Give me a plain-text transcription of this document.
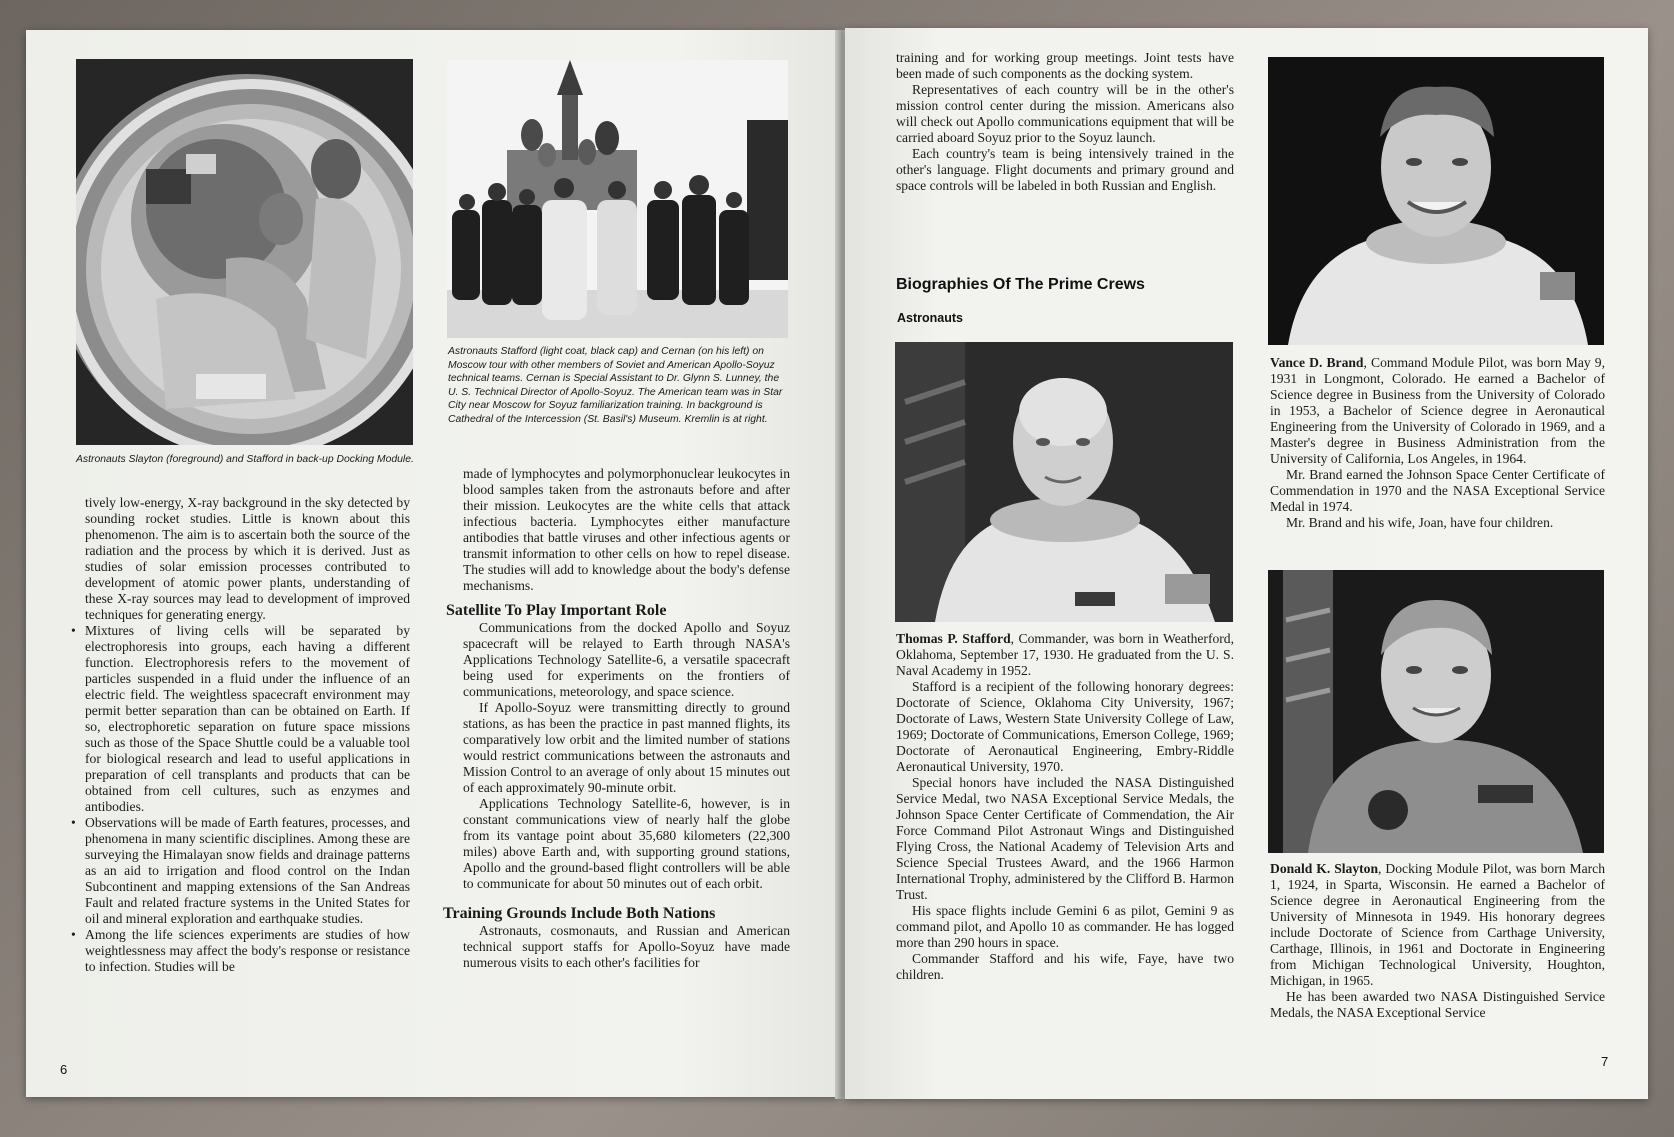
Astronauts Slayton (foreground) and Stafford in back-up Docking Module.

Astronauts Stafford (light coat, black cap) and Cernan (on his left) on Moscow tour with other members of Soviet and American Apollo-Soyuz technical teams. Cernan is Special Assistant to Dr. Glynn S. Lunney, the U. S. Technical Director of Apollo-Soyuz. The American team was in Star City near Moscow for Soyuz familiarization training. In background is Cathedral of the Intercession (St. Basil's) Museum. Kremlin is at right.

tively low-energy, X-ray background in the sky detected by sounding rocket studies. Little is known about this phenomenon. The aim is to ascertain both the source of the radiation and the process by which it is derived. Just as studies of solar emission processes contributed to development of atomic power plants, understanding of these X-ray sources may lead to development of improved techniques for generating energy.

• Mixtures of living cells will be separated by electrophoresis into groups, each having a different function. Electrophoresis refers to the movement of particles suspended in a fluid under the influence of an electric field. The weightless spacecraft environment may permit better separation than can be obtained on Earth. If so, electrophoretic separation on future space missions such as those of the Space Shuttle could be a valuable tool for biological research and lead to useful applications in preparation of cell transplants and products that can be obtained from cell cultures, such as enzymes and antibodies.
• Observations will be made of Earth features, processes, and phenomena in many scientific disciplines. Among these are surveying the Himalayan snow fields and drainage patterns as an aid to irrigation and flood control on the Indan Subcontinent and mapping extensions of the San Andreas Fault and related fracture systems in the United States for oil and mineral exploration and earthquake studies.
• Among the life sciences experiments are studies of how weightlessness may affect the body's response or resistance to infection. Studies will be

made of lymphocytes and polymorphonuclear leukocytes in blood samples taken from the astronauts before and after their mission. Leukocytes are the white cells that attack infectious bacteria. Lymphocytes either manufacture antibodies that battle viruses and other infectious agents or transmit information to other cells on how to repel disease. The studies will add to knowledge about the body's defense mechanisms.

Satellite To Play Important Role

Communications from the docked Apollo and Soyuz spacecraft will be relayed to Earth through NASA's Applications Technology Satellite-6, a versatile spacecraft being used for experiments on the frontiers of communications, meteorology, and space science.

If Apollo-Soyuz were transmitting directly to ground stations, as has been the practice in past manned flights, its comparatively low orbit and the limited number of stations would restrict communications between the astronauts and Mission Control to an average of only about 15 minutes out of each approximately 90-minute orbit.

Applications Technology Satellite-6, however, is in constant communications view of nearly half the globe from its vantage point about 35,680 kilometers (22,300 miles) above Earth and, with supporting ground stations, Apollo and the ground-based flight controllers will be able to communicate for about 50 minutes out of each orbit.

Training Grounds Include Both Nations

Astronauts, cosmonauts, and Russian and American technical support staffs for Apollo-Soyuz have made numerous visits to each other's facilities for

6

training and for working group meetings. Joint tests have been made of such components as the docking system.

Representatives of each country will be in the other's mission control center during the mission. Americans also will check out Apollo communications equipment that will be carried aboard Soyuz prior to the Soyuz launch.

Each country's team is being intensively trained in the other's language. Flight documents and primary ground and space controls will be labeled in both Russian and English.

Biographies Of The Prime Crews
Astronauts

Thomas P. Stafford, Commander, was born in Weatherford, Oklahoma, September 17, 1930. He graduated from the U. S. Naval Academy in 1952.

Stafford is a recipient of the following honorary degrees: Doctorate of Science, Oklahoma City University, 1967; Doctorate of Laws, Western State University College of Law, 1969; Doctorate of Communications, Emerson College, 1969; Doctorate of Aeronautical Engineering, Embry-Riddle Aeronautical University, 1970.

Special honors have included the NASA Distinguished Service Medal, two NASA Exceptional Service Medals, the Johnson Space Center Certificate of Commendation, the Air Force Command Pilot Astronaut Wings and Distinguished Flying Cross, the National Academy of Television Arts and Science Special Trustees Award, and the 1966 Harmon International Trophy, administered by the Clifford B. Harmon Trust.

His space flights include Gemini 6 as pilot, Gemini 9 as command pilot, and Apollo 10 as commander. He has logged more than 290 hours in space.

Commander Stafford and his wife, Faye, have two children.

Vance D. Brand, Command Module Pilot, was born May 9, 1931 in Longmont, Colorado. He earned a Bachelor of Science degree in Business from the University of Colorado in 1953, a Bachelor of Science degree in Aeronautical Engineering from the University of Colorado in 1969, and a Master's degree in Business Administration from the University of California, Los Angeles, in 1964.

Mr. Brand earned the Johnson Space Center Certificate of Commendation in 1970 and the NASA Exceptional Service Medal in 1974.

Mr. Brand and his wife, Joan, have four children.

Donald K. Slayton, Docking Module Pilot, was born March 1, 1924, in Sparta, Wisconsin. He earned a Bachelor of Science degree in Aeronautical Engineering from the University of Minnesota in 1949. His honorary degrees include Doctorate of Science from Carthage University, Carthage, Illinois, in 1961 and Doctorate in Engineering from Michigan Technological University, Houghton, Michigan, in 1965.

He has been awarded two NASA Distinguished Service Medals, the NASA Exceptional Service

7
